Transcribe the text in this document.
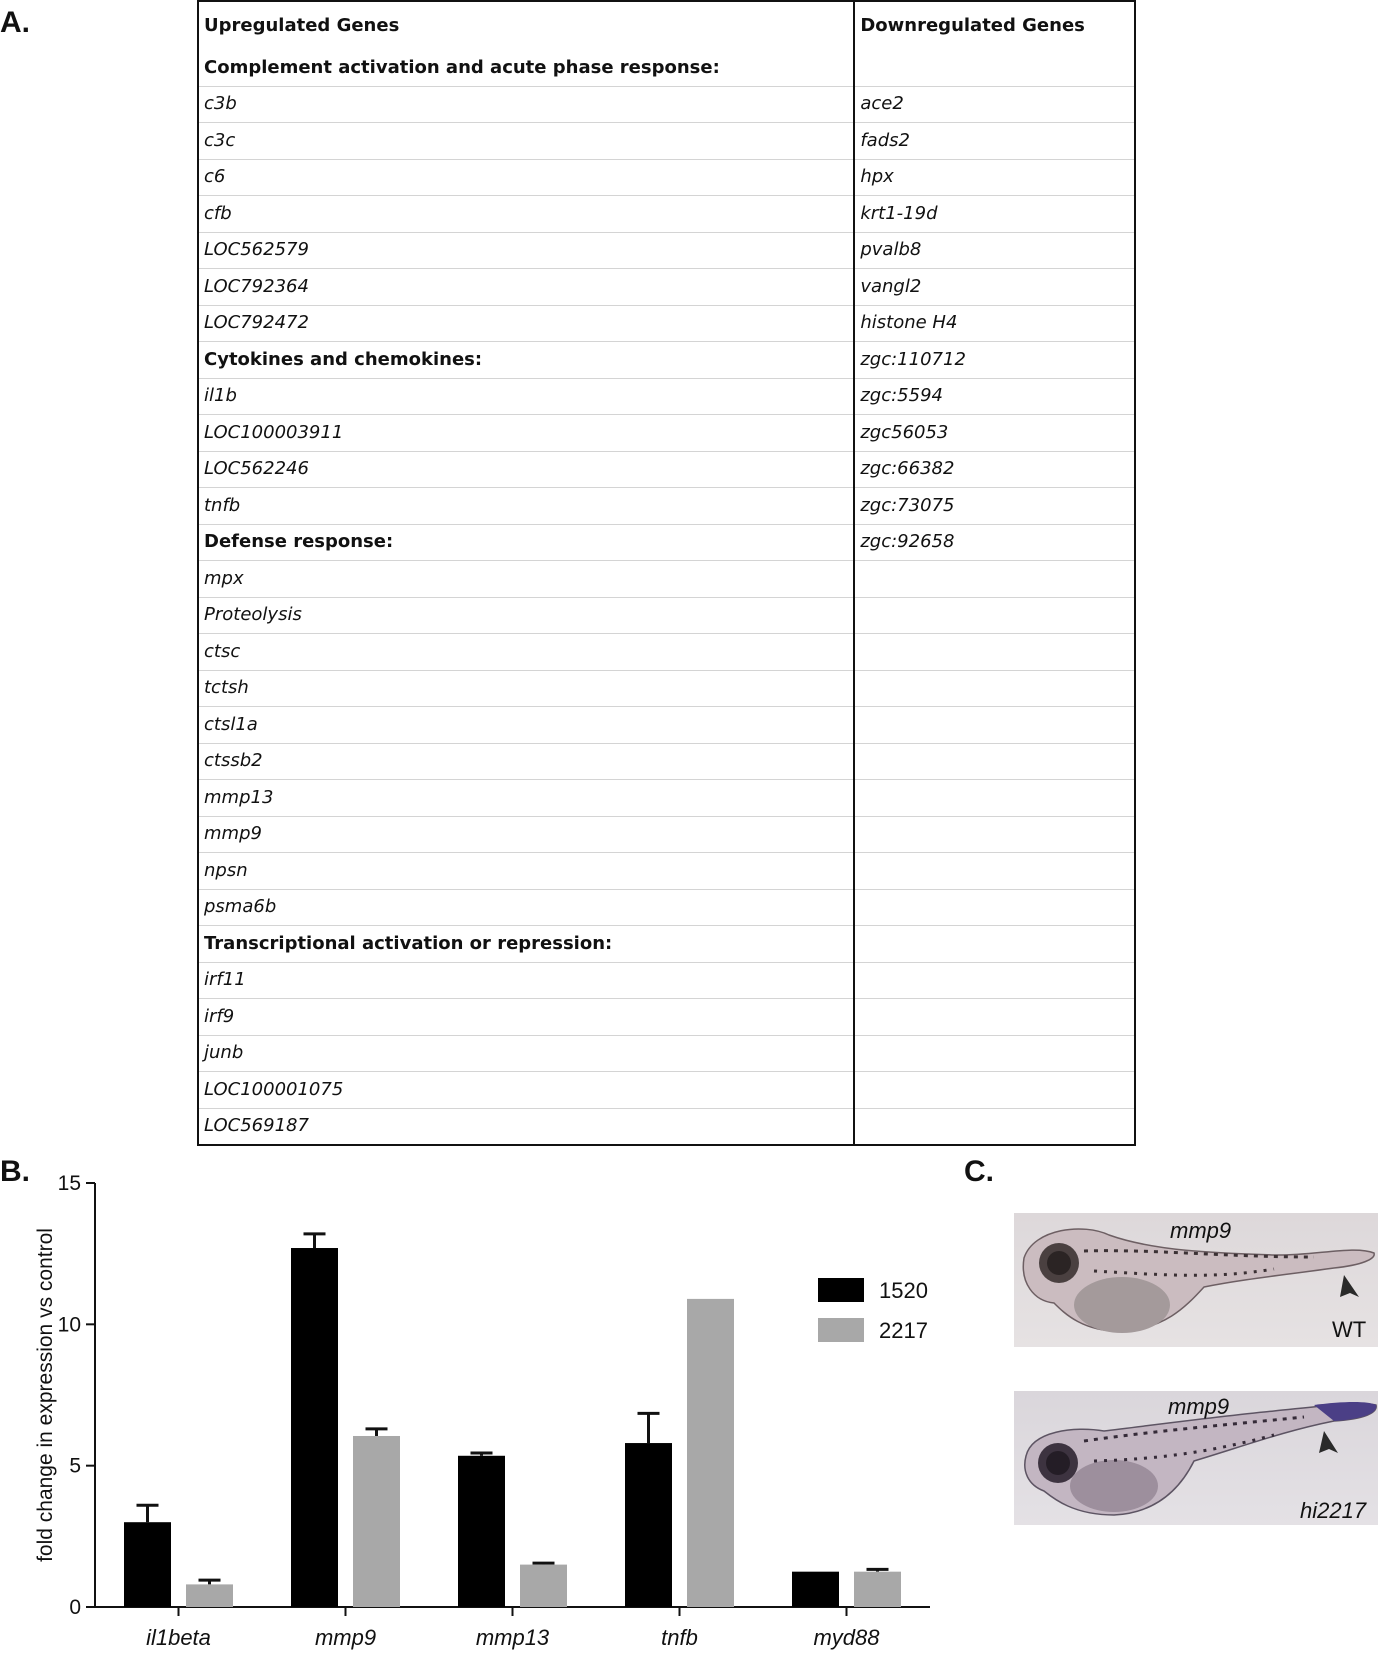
A.
B.	C.
Upregulated Genes	Downregulated Genes
Complement activation and acute phase response:	
c3b	ace2
c3c	fads2
c6	hpx
cfb	krt1-19d
LOC562579	pvalb8
LOC792364	vangl2
LOC792472	histone H4
Cytokines and chemokines:	zgc:110712
il1b	zgc:5594
LOC100003911	zgc56053
LOC562246	zgc:66382
tnfb	zgc:73075
Defense response:	zgc:92658
mpx	
Proteolysis	
ctsc	
tctsh	
ctsl1a	
ctssb2	
mmp13	
mmp9	
npsn	
psma6b	
Transcriptional activation or repression:	
irf11	
irf9	
junb	
LOC100001075	
LOC569187	
0
5
10
15
fold change in expression vs control
il1beta	mmp9	mmp13	tnfb	myd88
1520
2217
mmp9
WT
mmp9
hi2217
